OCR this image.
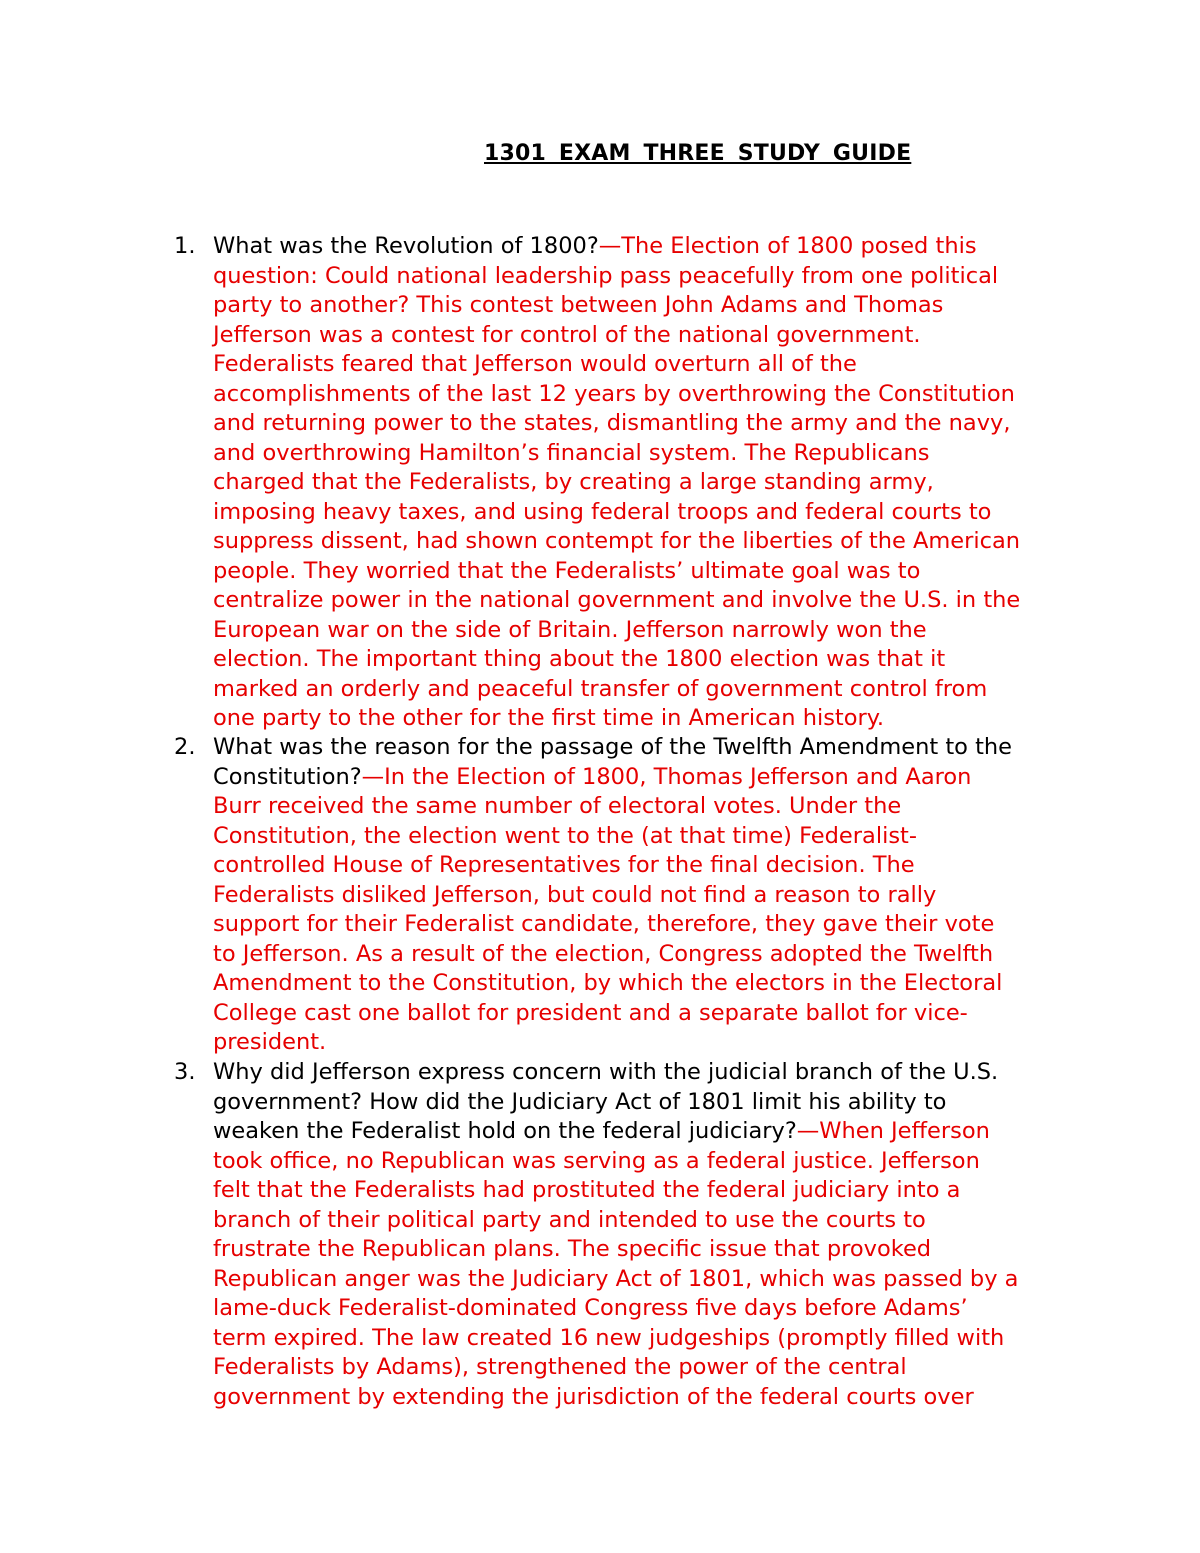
1301 EXAM THREE STUDY GUIDE
1. What was the Revolution of 1800?—The Election of 1800 posed this
question: Could national leadership pass peacefully from one political
party to another? This contest between John Adams and Thomas
Jefferson was a contest for control of the national government.
Federalists feared that Jefferson would overturn all of the
accomplishments of the last 12 years by overthrowing the Constitution
and returning power to the states, dismantling the army and the navy,
and overthrowing Hamilton’s financial system. The Republicans
charged that the Federalists, by creating a large standing army,
imposing heavy taxes, and using federal troops and federal courts to
suppress dissent, had shown contempt for the liberties of the American
people. They worried that the Federalists’ ultimate goal was to
centralize power in the national government and involve the U.S. in the
European war on the side of Britain. Jefferson narrowly won the
election. The important thing about the 1800 election was that it
marked an orderly and peaceful transfer of government control from
one party to the other for the first time in American history.
2. What was the reason for the passage of the Twelfth Amendment to the
Constitution?—In the Election of 1800, Thomas Jefferson and Aaron
Burr received the same number of electoral votes. Under the
Constitution, the election went to the (at that time) Federalist-
controlled House of Representatives for the final decision. The
Federalists disliked Jefferson, but could not find a reason to rally
support for their Federalist candidate, therefore, they gave their vote
to Jefferson. As a result of the election, Congress adopted the Twelfth
Amendment to the Constitution, by which the electors in the Electoral
College cast one ballot for president and a separate ballot for vice-
president.
3. Why did Jefferson express concern with the judicial branch of the U.S.
government? How did the Judiciary Act of 1801 limit his ability to
weaken the Federalist hold on the federal judiciary?—When Jefferson
took office, no Republican was serving as a federal justice. Jefferson
felt that the Federalists had prostituted the federal judiciary into a
branch of their political party and intended to use the courts to
frustrate the Republican plans. The specific issue that provoked
Republican anger was the Judiciary Act of 1801, which was passed by a
lame-duck Federalist-dominated Congress five days before Adams’
term expired. The law created 16 new judgeships (promptly filled with
Federalists by Adams), strengthened the power of the central
government by extending the jurisdiction of the federal courts over
